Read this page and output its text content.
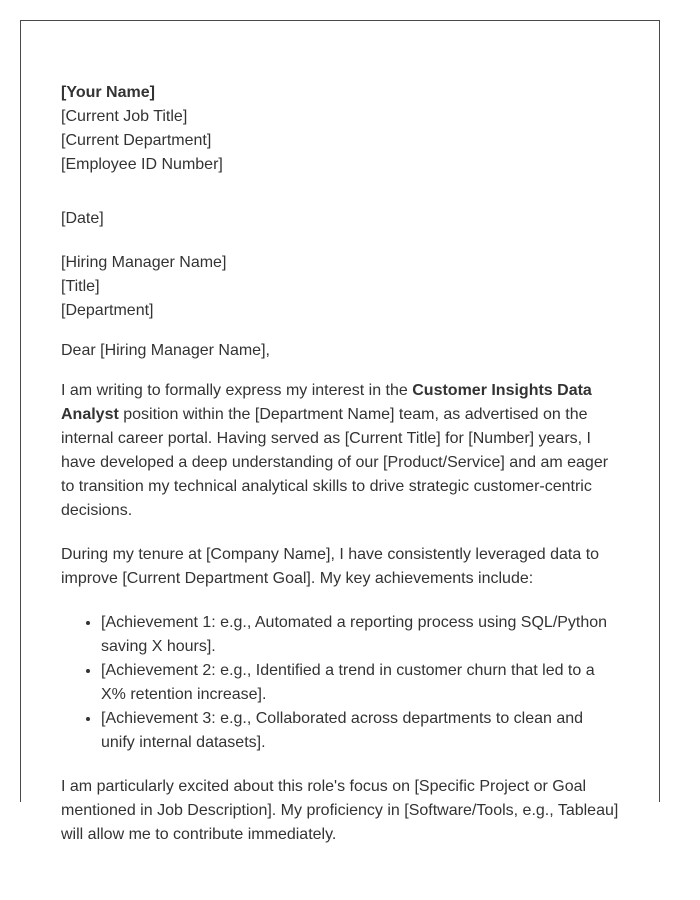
[Your Name]
[Current Job Title]
[Current Department]
[Employee ID Number]
[Date]
[Hiring Manager Name]
[Title]
[Department]
Dear [Hiring Manager Name],

I am writing to formally express my interest in the Customer Insights Data Analyst position within the [Department Name] team, as advertised on the internal career portal. Having served as [Current Title] for [Number] years, I have developed a deep understanding of our [Product/Service] and am eager to transition my technical analytical skills to drive strategic customer-centric decisions.

During my tenure at [Company Name], I have consistently leveraged data to improve [Current Department Goal]. My key achievements include:

• [Achievement 1: e.g., Automated a reporting process using SQL/Python saving X hours].
• [Achievement 2: e.g., Identified a trend in customer churn that led to a X% retention increase].
• [Achievement 3: e.g., Collaborated across departments to clean and unify internal datasets].

I am particularly excited about this role's focus on [Specific Project or Goal mentioned in Job Description]. My proficiency in [Software/Tools, e.g., Tableau] will allow me to contribute immediately.
